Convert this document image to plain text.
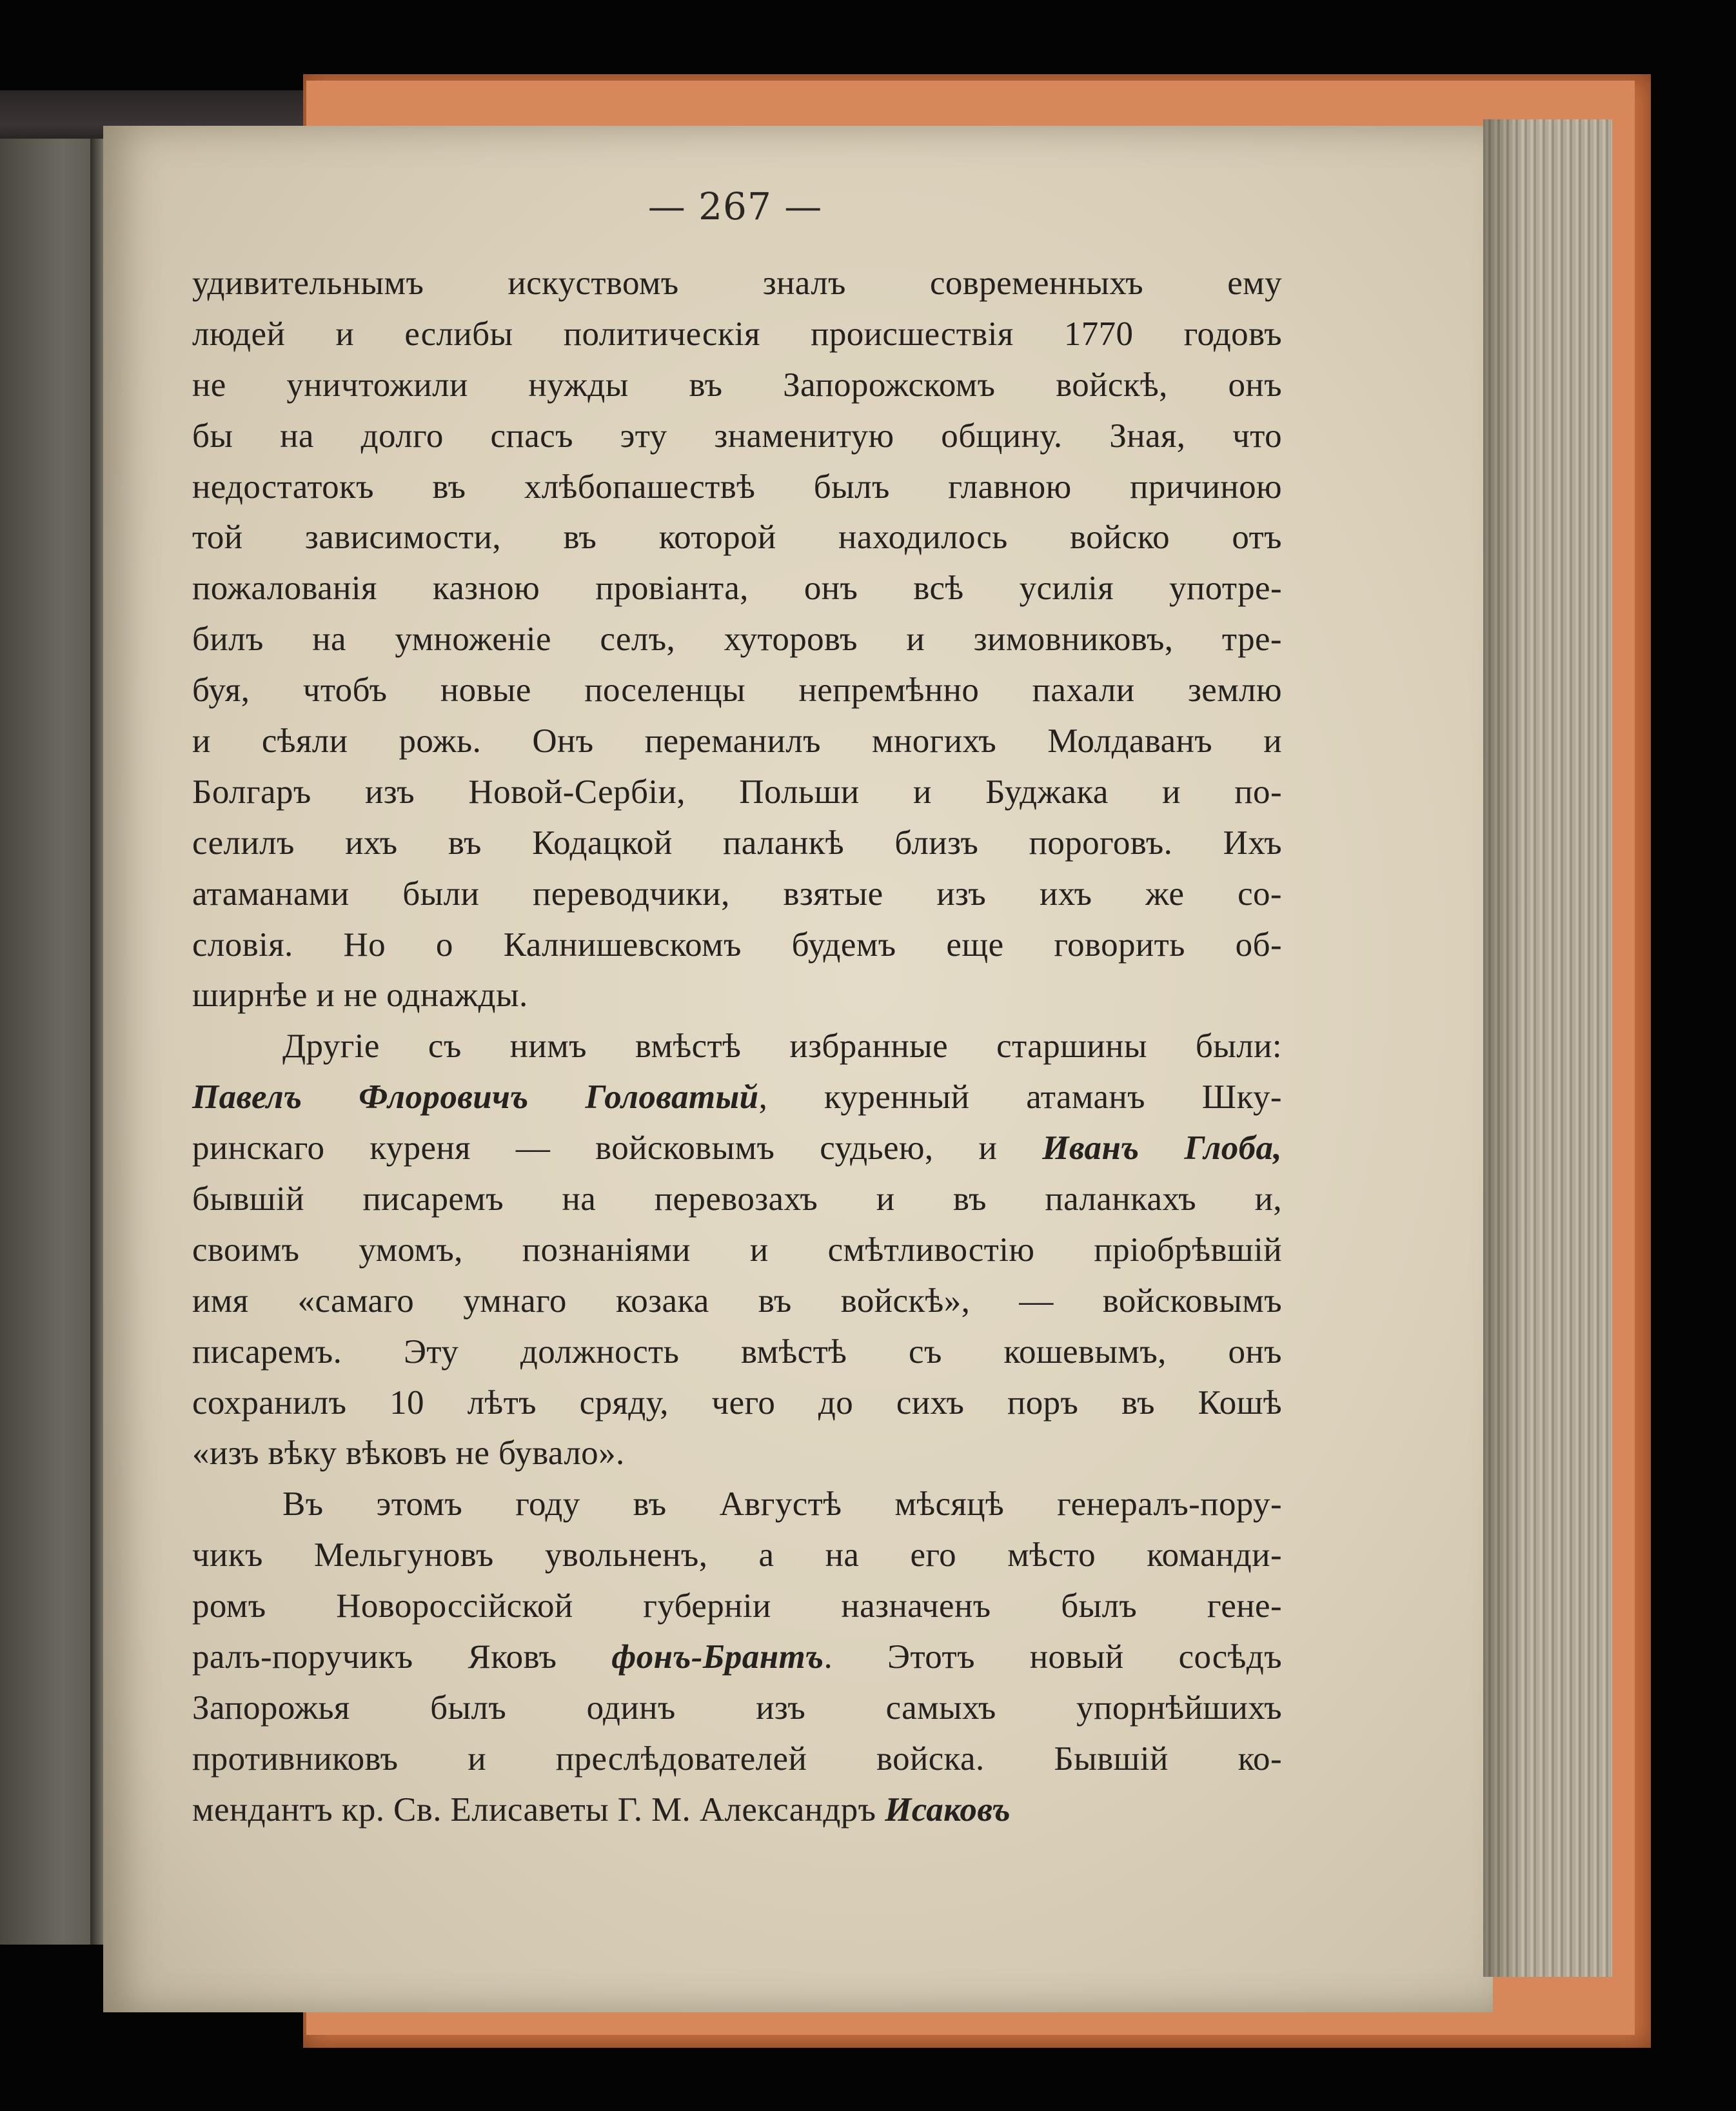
— 267 —
удивительнымъ искуствомъ зналъ современныхъ ему
людей и еслибы политическія происшествія 1770 годовъ
не уничтожили нужды въ Запорожскомъ войскѣ, онъ
бы на долго спасъ эту знаменитую общину. Зная, что
недостатокъ въ хлѣбопашествѣ былъ главною причиною
той зависимости, въ которой находилось войско отъ
пожалованія казною провіанта, онъ всѣ усилія употре-
билъ на умноженіе селъ, хуторовъ и зимовниковъ, тре-
буя, чтобъ новые поселенцы непремѣнно пахали землю
и сѣяли рожь. Онъ переманилъ многихъ Молдаванъ и
Болгаръ изъ Новой-Сербіи, Польши и Буджака и по-
селилъ ихъ въ Кодацкой паланкѣ близъ пороговъ. Ихъ
атаманами были переводчики, взятые изъ ихъ же со-
словія. Но о Калнишевскомъ будемъ еще говорить об-
ширнѣе и не однажды.
Другіе съ нимъ вмѣстѣ избранные старшины были:
Павелъ Флоровичъ Головатый, куренный атаманъ Шку-
ринскаго куреня — войсковымъ судьею, и Иванъ Глоба,
бывшій писаремъ на перевозахъ и въ паланкахъ и,
своимъ умомъ, познаніями и смѣтливостію пріобрѣвшій
имя «самаго умнаго козака въ войскѣ», — войсковымъ
писаремъ. Эту должность вмѣстѣ съ кошевымъ, онъ
сохранилъ 10 лѣтъ сряду, чего до сихъ поръ въ Кошѣ
«изъ вѣку вѣковъ не бувало».
Въ этомъ году въ Августѣ мѣсяцѣ генералъ-пору-
чикъ Мельгуновъ увольненъ, а на его мѣсто команди-
ромъ Новороссійской губерніи назначенъ былъ гене-
ралъ-поручикъ Яковъ фонъ-Брантъ. Этотъ новый сосѣдъ
Запорожья былъ одинъ изъ самыхъ упорнѣйшихъ
противниковъ и преслѣдователей войска. Бывшій ко-
мендантъ кр. Св. Елисаветы Г. М. Александръ Исаковъ
